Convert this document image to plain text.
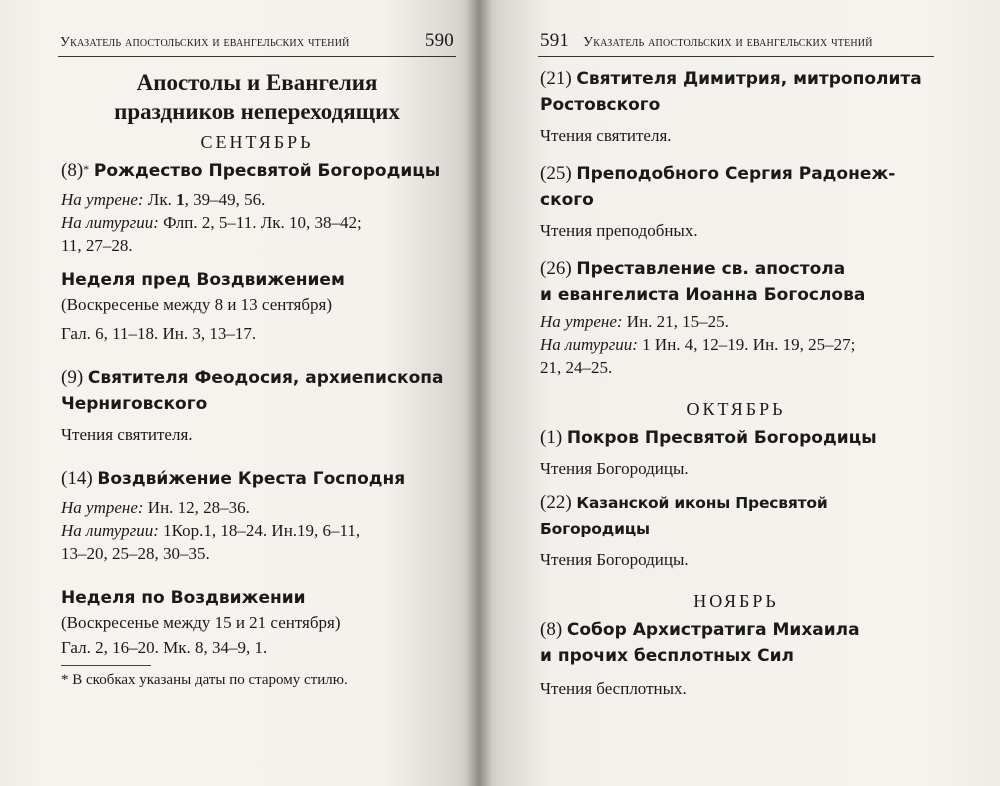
Указатель апостольских и евангельских чтений	590	591 Указатель апостольских и евангельских чтений
Апостолы и Евангелия
праздников непереходящих
СЕНТЯБРЬ

(8)* Рождество Пресвятой Богородицы

На утрене: Лк. 1, 39–49, 56.

На литургии: Флп. 2, 5–11. Лк. 10, 38–42;

11, 27–28.

Неделя пред Воздвижением

(Воскресенье между 8 и 13 сентября)

Гал. 6, 11–18. Ин. 3, 13–17.

(9) Святителя Феодосия, архиепископа

Черниговского

Чтения святителя.

(14) Воздви́жение Креста Господня

На утрене: Ин. 12, 28–36.

На литургии: 1Кор.1, 18–24. Ин.19, 6–11,

13–20, 25–28, 30–35.

Неделя по Воздвижении

(Воскресенье между 15 и 21 сентября)

Гал. 2, 16–20. Мк. 8, 34–9, 1.

* В скобках указаны даты по старому стилю.

(21) Святителя Димитрия, митрополита

Ростовского

Чтения святителя.

(25) Преподобного Сергия Радонеж-

ского

Чтения преподобных.

(26) Преставление св. апостола

и евангелиста Иоанна Богослова

На утрене: Ин. 21, 15–25.

На литургии: 1 Ин. 4, 12–19. Ин. 19, 25–27;

21, 24–25.

ОКТЯБРЬ

(1) Покров Пресвятой Богородицы

Чтения Богородицы.

(22) Казанской иконы Пресвятой Богородицы

Чтения Богородицы.

НОЯБРЬ

(8) Собор Архистратига Михаила

и прочих бесплотных Сил

Чтения бесплотных.
